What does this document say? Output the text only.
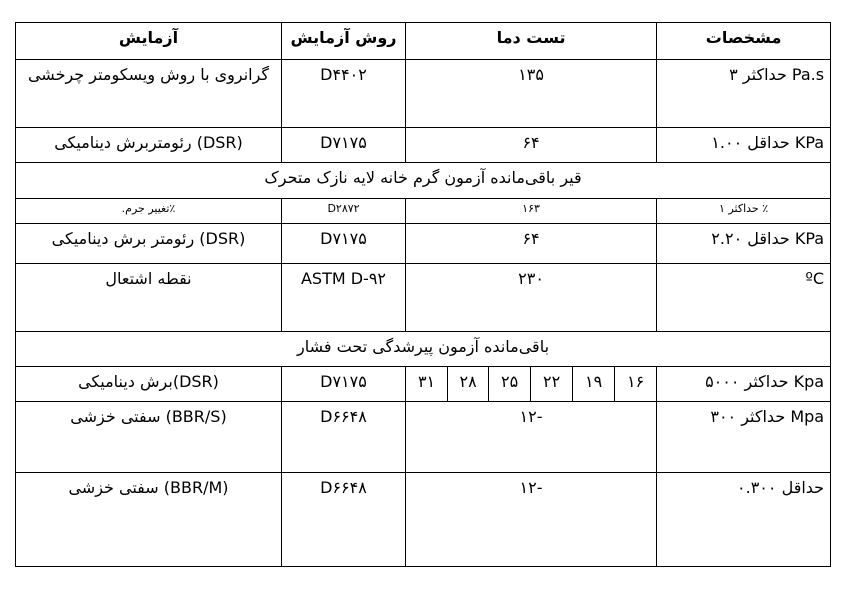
مشخصات	تست دما						روش آزمایش	آزمایش
Pa.s حداکثر ۳	۱۳۵						D۴۴۰۲	گرانروی با روش ویسکومتر چرخشی
KPa حداقل ۱.۰۰	۶۴						D۷۱۷۵	(DSR) رئومتربرش دینامیکی
قیر باقی‌مانده آزمون گرم خانه لایه نازک متحرک								
٪ حداکثر ۱	۱۶۳						D۲۸۷۲	٪تغییر جرم.
KPa حداقل ۲.۲۰	۶۴						D۷۱۷۵	(DSR) رئومتر برش دینامیکی
ºC	۲۳۰						ASTM D-۹۲	نقطه اشتعال
باقی‌مانده آزمون پیرشدگی تحت فشار								
Kpa حداکثر ۵۰۰۰	۱۶	۱۹	۲۲	۲۵	۲۸	۳۱	D۷۱۷۵	(DSR)برش دینامیکی
Mpa حداکثر ۳۰۰	-۱۲						D۶۶۴۸	(BBR/S) سفتی خزشی
حداقل ۰.۳۰۰	-۱۲						D۶۶۴۸	(BBR/M) سفتی خزشی
